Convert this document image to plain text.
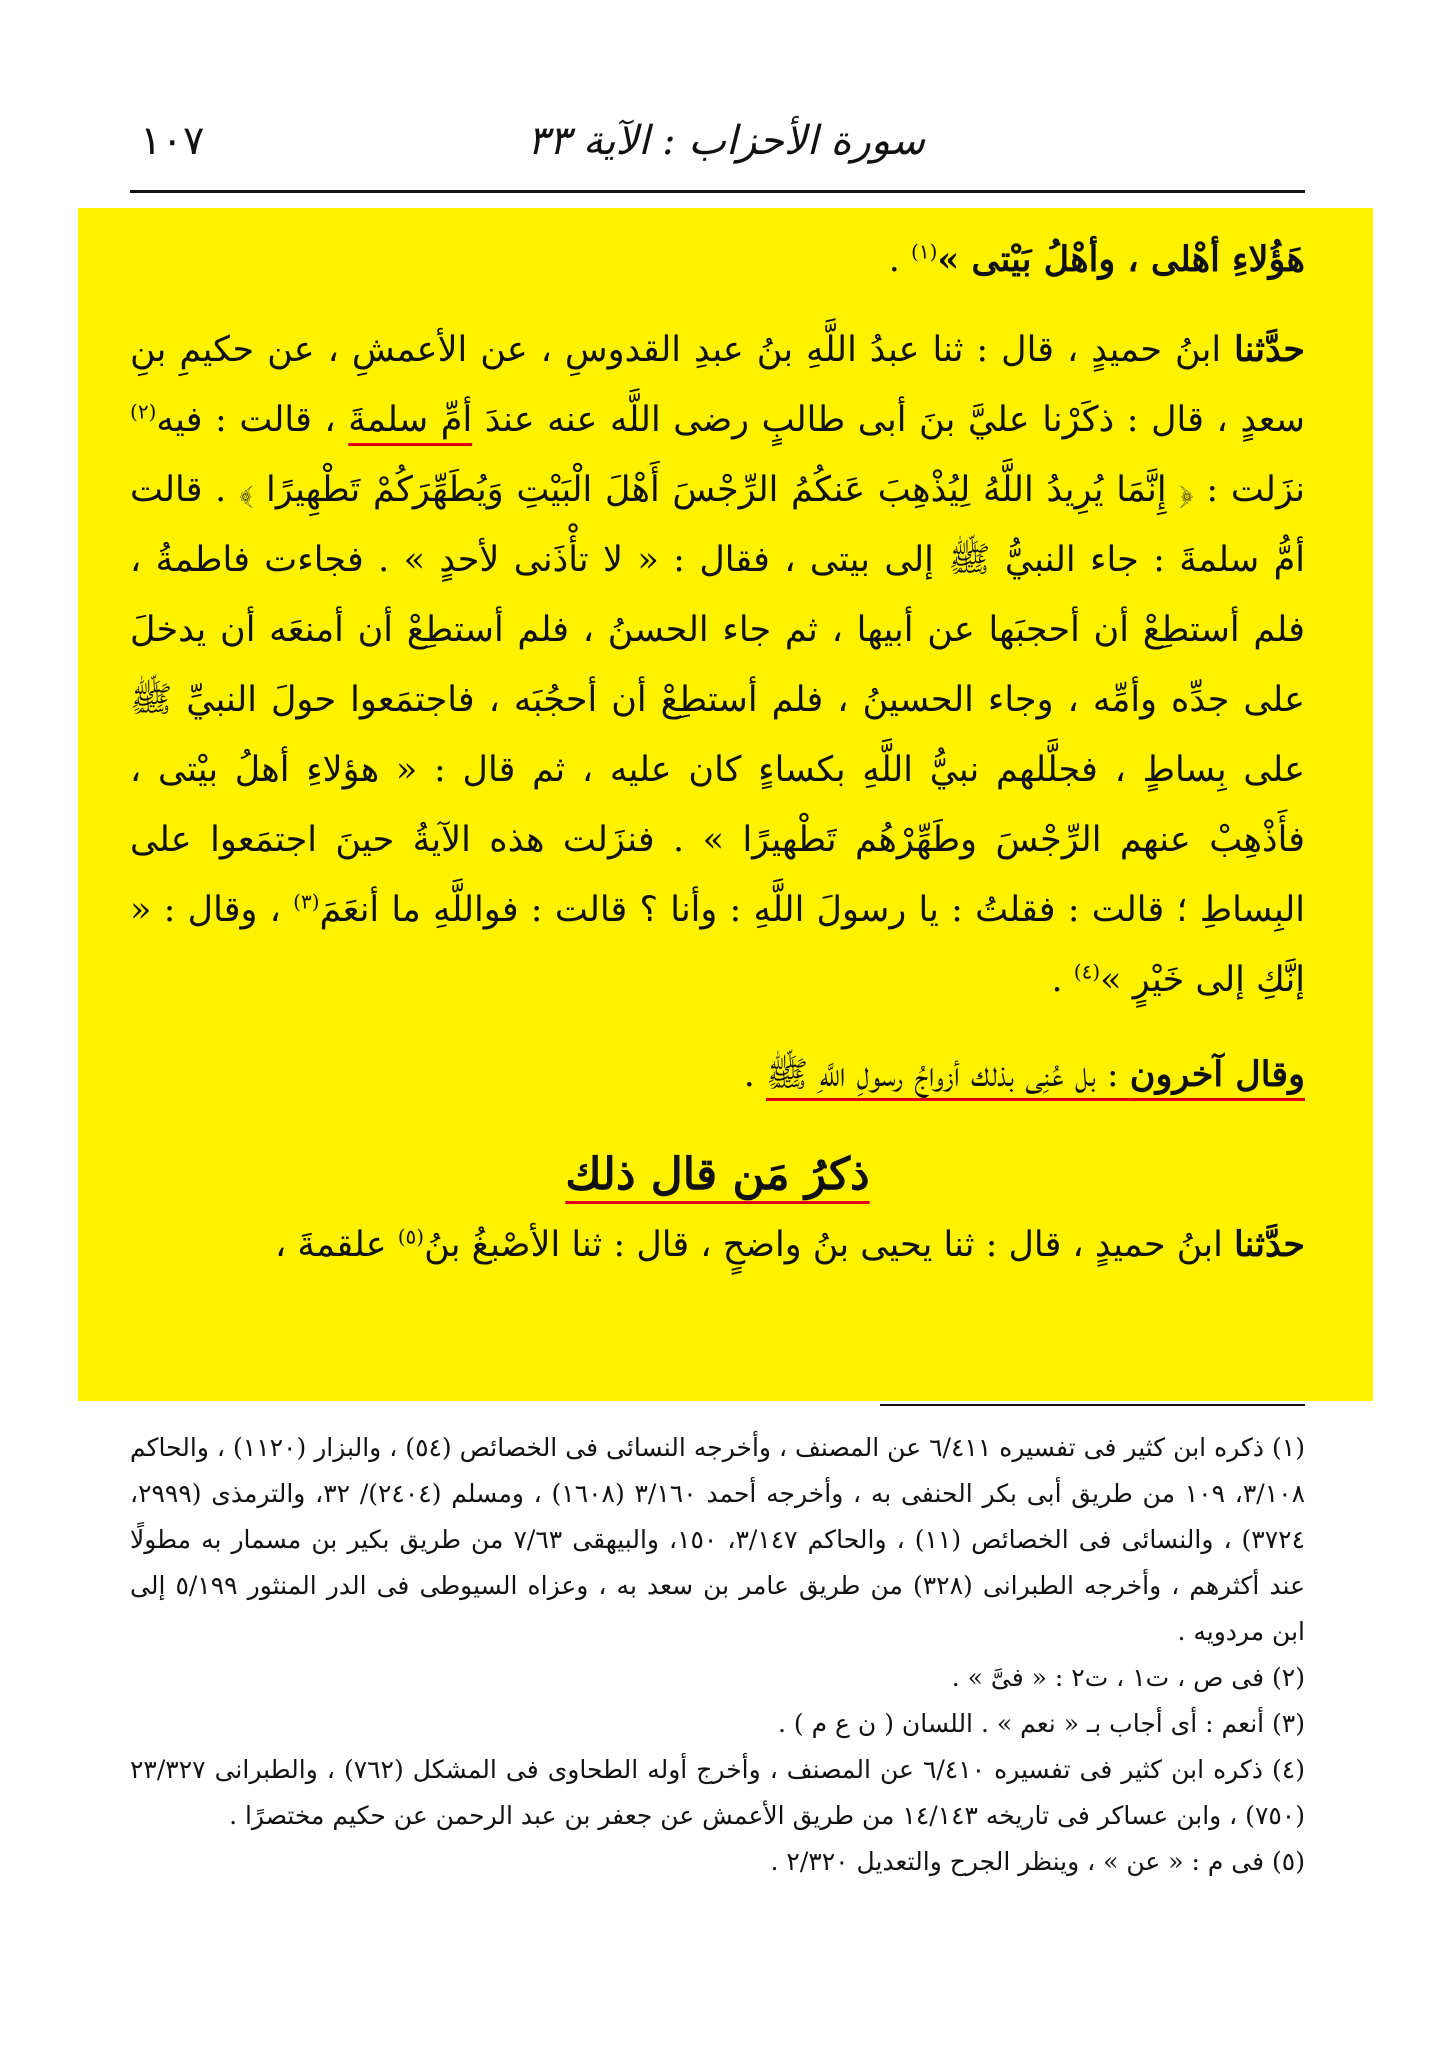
سورة الأحزاب : الآية ٣٣
١٠٧

هَؤُلاءِ أهْلى ، وأهْلُ بَيْتى »$^{(١)}$ .

حدَّثنا ابنُ حميدٍ ، قال : ثنا عبدُ اللَّهِ بنُ عبدِ القدوسِ ، عن الأعمشِ ، عن حكيمِ بنِ سعدٍ ، قال : ذكَرْنا عليَّ بنَ أبى طالبٍ رضى اللَّه عنه عندَ أمِّ سلمةَ ، قالت : فيه$^{(٢)}$ نزَلت : ﴿ إِنَّمَا يُرِيدُ اللَّهُ لِيُذْهِبَ عَنكُمُ الرِّجْسَ أَهْلَ الْبَيْتِ وَيُطَهِّرَكُمْ تَطْهِيرًا ﴾ . قالت أمُّ سلمةَ : جاء النبيُّ ﷺ إلى بيتى ، فقال : « لا تأْذَنى لأحدٍ » . فجاءت فاطمةُ ، فلم أستطِعْ أن أحجبَها عن أبيها ، ثم جاء الحسنُ ، فلم أستطِعْ أن أمنعَه أن يدخلَ على جدِّه وأمِّه ، وجاء الحسينُ ، فلم أستطِعْ أن أحجُبَه ، فاجتمَعوا حولَ النبيِّ ﷺ على بِساطٍ ، فجلَّلهم نبيُّ اللَّهِ بكساءٍ كان عليه ، ثم قال : « هؤلاءِ أهلُ بيْتى ، فأَذْهِبْ عنهم الرِّجْسَ وطَهِّرْهُم تَطْهيرًا » . فنزَلت هذه الآيةُ حينَ اجتمَعوا على البِساطِ ؛ قالت : فقلتُ : يا رسولَ اللَّهِ : وأنا ؟ قالت : فواللَّهِ ما أنعَمَ$^{(٣)}$ ، وقال : « إنَّكِ إلى خَيْرٍ »$^{(٤)}$ .

وقال آخرون : بل عُنِى بذلك أزواجُ رسولِ اللَّهِ ﷺ .

ذكرُ مَن قال ذلك

حدَّثنا ابنُ حميدٍ ، قال : ثنا يحيى بنُ واضحٍ ، قال : ثنا الأصْبغُ بنُ$^{(٥)}$ علقمةَ ،

(١) ذكره ابن كثير فى تفسيره ٦/٤١١ عن المصنف ، وأخرجه النسائى فى الخصائص (٥٤) ، والبزار (١١٢٠) ، والحاكم ٣/١٠٨، ١٠٩ من طريق أبى بكر الحنفى به ، وأخرجه أحمد ٣/١٦٠ (١٦٠٨) ، ومسلم (٢٤٠٤)/ ٣٢، والترمذى (٢٩٩٩، ٣٧٢٤) ، والنسائى فى الخصائص (١١) ، والحاكم ٣/١٤٧، ١٥٠، والبيهقى ٧/٦٣ من طريق بكير بن مسمار به مطولًا عند أكثرهم ، وأخرجه الطبرانى (٣٢٨) من طريق عامر بن سعد به ، وعزاه السيوطى فى الدر المنثور ٥/١٩٩ إلى ابن مردويه .

(٢) فى ص ، ت١ ، ت٢ : « فىَّ » .

(٣) أنعم : أى أجاب بـ « نعم » . اللسان ( ن ع م ) .

(٤) ذكره ابن كثير فى تفسيره ٦/٤١٠ عن المصنف ، وأخرج أوله الطحاوى فى المشكل (٧٦٢) ، والطبرانى ٢٣/٣٢٧ (٧٥٠) ، وابن عساكر فى تاريخه ١٤/١٤٣ من طريق الأعمش عن جعفر بن عبد الرحمن عن حكيم مختصرًا .

(٥) فى م : « عن » ، وينظر الجرح والتعديل ٢/٣٢٠ .
